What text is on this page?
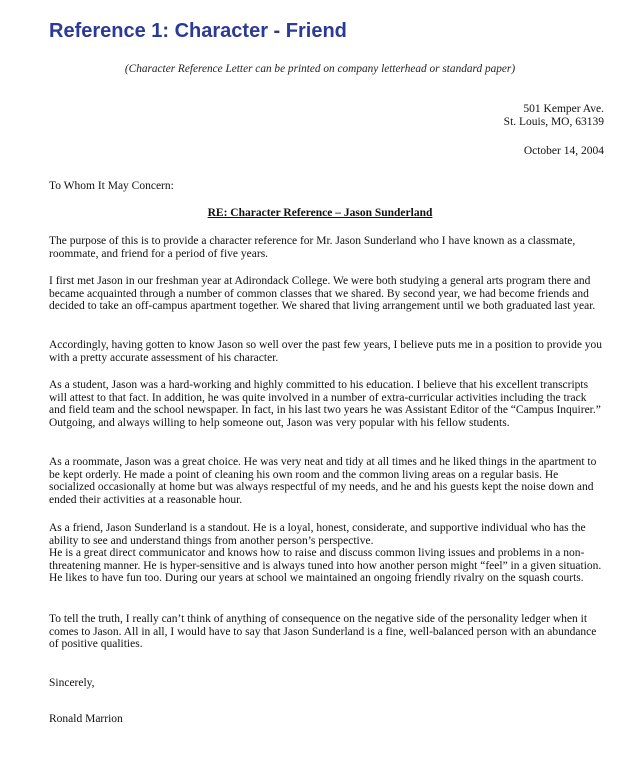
Reference 1: Character - Friend

(Character Reference Letter can be printed on company letterhead or standard paper)

501 Kemper Ave.
St. Louis, MO, 63139
October 14, 2004
To Whom It May Concern:
RE: Character Reference – Jason Sunderland

The purpose of this is to provide a character reference for Mr. Jason Sunderland who I have known as a classmate, roommate, and friend for a period of five years.

I first met Jason in our freshman year at Adirondack College. We were both studying a general arts program there and became acquainted through a number of common classes that we shared. By second year, we had become friends and decided to take an off-campus apartment together. We shared that living arrangement until we both graduated last year.

Accordingly, having gotten to know Jason so well over the past few years, I believe puts me in a position to provide you with a pretty accurate assessment of his character.

As a student, Jason was a hard-working and highly committed to his education. I believe that his excellent transcripts will attest to that fact. In addition, he was quite involved in a number of extra-curricular activities including the track and field team and the school newspaper. In fact, in his last two years he was Assistant Editor of the “Campus Inquirer.” Outgoing, and always willing to help someone out, Jason was very popular with his fellow students.

As a roommate, Jason was a great choice. He was very neat and tidy at all times and he liked things in the apartment to be kept orderly. He made a point of cleaning his own room and the common living areas on a regular basis. He socialized occasionally at home but was always respectful of my needs, and he and his guests kept the noise down and ended their activities at a reasonable hour.

As a friend, Jason Sunderland is a standout. He is a loyal, honest, considerate, and supportive individual who has the ability to see and understand things from another person’s perspective.

He is a great direct communicator and knows how to raise and discuss common living issues and problems in a non-threatening manner. He is hyper-sensitive and is always tuned into how another person might “feel” in a given situation. He likes to have fun too. During our years at school we maintained an ongoing friendly rivalry on the squash courts.

To tell the truth, I really can’t think of anything of consequence on the negative side of the personality ledger when it comes to Jason. All in all, I would have to say that Jason Sunderland is a fine, well-balanced person with an abundance of positive qualities.

Sincerely,
Ronald Marrion
